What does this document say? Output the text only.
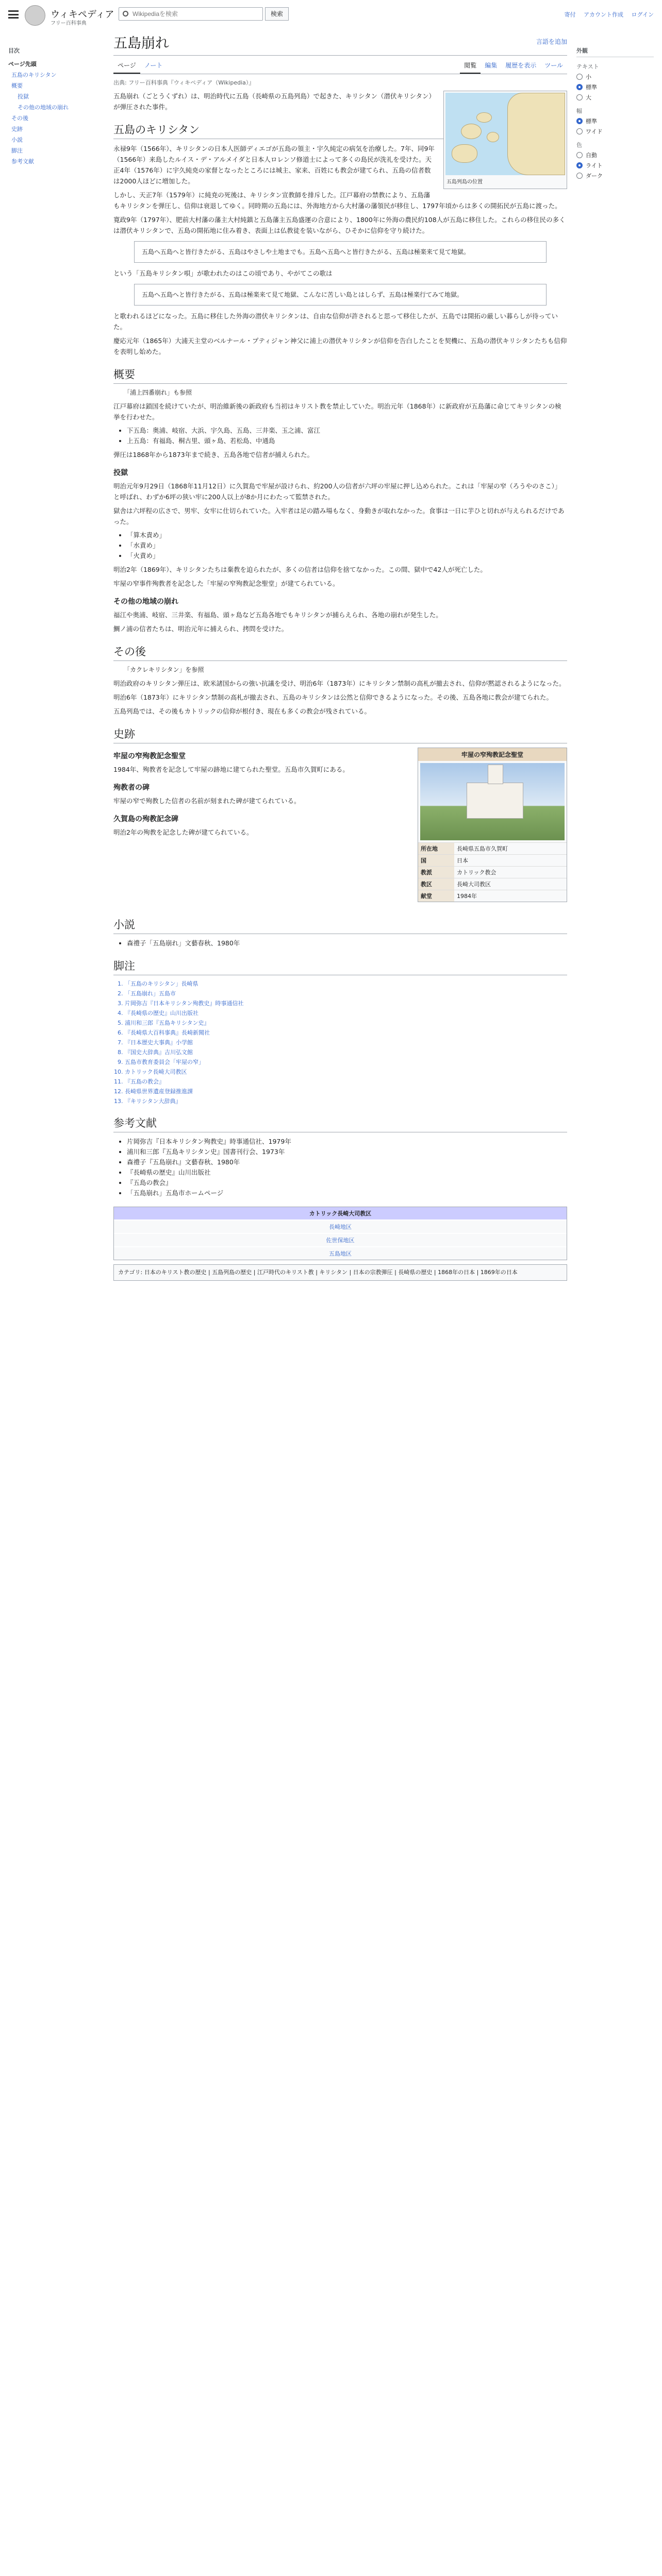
ウィキペディア
フリー百科事典
Wikipediaを検索
検索	寄付 アカウント作成 ログイン
目次
ページ先頭
五島のキリシタン
概要
投獄
その他の地域の崩れ
その後
史跡
小説
脚注
参考文献
五島崩れ	言語を追加
ページ	ノート	閲覧	編集	履歴を表示	ツール
出典: フリー百科事典『ウィキペディア（Wikipedia）』
五島列島の位置

五島崩れ（ごとうくずれ）は、明治時代に五島（長崎県の五島列島）で起きた、キリシタン（潜伏キリシタン）が弾圧された事件。

五島のキリシタン

永禄9年（1566年）、キリシタンの日本人医師ディエゴが五島の領主・宇久純定の病気を治療した。7年、同9年（1566年）来島したルイス・デ・アルメイダと日本人ロレンソ修道士によって多くの島民が洗礼を受けた。天正4年（1576年）に宇久純尭の家督となったところには城主、家来、百姓にも教会が建てられ、五島の信者数は2000人ほどに増加した。

しかし、天正7年（1579年）に純尭の死後は、キリシタン宣教師を排斥した。江戸幕府の禁教により、五島藩もキリシタンを弾圧し、信仰は衰退してゆく。同時期の五島には、外海地方から大村藩の藩領民が移住し、1797年頃からは多くの開拓民が五島に渡った。

寛政9年（1797年）、肥前大村藩の藩主大村純鎮と五島藩主五島盛運の合意により、1800年に外海の農民約108人が五島に移住した。これらの移住民の多くは潜伏キリシタンで、五島の開拓地に住み着き、表面上は仏教徒を装いながら、ひそかに信仰を守り続けた。

五島へ五島へと皆行きたがる、五島はやさしや土地までも。五島へ五島へと皆行きたがる、五島は極楽来て見て地獄。

という「五島キリシタン唄」が歌われたのはこの頃であり、やがてこの歌は

五島へ五島へと皆行きたがる、五島は極楽来て見て地獄、こんなに苦しい島とはしらず、五島は極楽行てみて地獄。

と歌われるほどになった。五島に移住した外海の潜伏キリシタンは、自由な信仰が許されると思って移住したが、五島では開拓の厳しい暮らしが待っていた。

慶応元年（1865年）大浦天主堂のベルナール・プティジャン神父に浦上の潜伏キリシタンが信仰を告白したことを契機に、五島の潜伏キリシタンたちも信仰を表明し始めた。

概要
「浦上四番崩れ」も参照

江戸幕府は鎖国を続けていたが、明治維新後の新政府も当初はキリスト教を禁止していた。明治元年（1868年）に新政府が五島藩に命じてキリシタンの検挙を行わせた。

• 下五島：奥浦、岐宿、大浜、宇久島、五島、三井楽、玉之浦、富江
• 上五島：有福島、桐古里、頭ヶ島、若松島、中通島

弾圧は1868年から1873年まで続き、五島各地で信者が捕えられた。

投獄

明治元年9月29日（1868年11月12日）に久賀島で牢屋が設けられ、約200人の信者が六坪の牢屋に押し込められた。これは「牢屋の窄（ろうやのさこ）」と呼ばれ、わずか6坪の狭い牢に200人以上が8か月にわたって監禁された。

獄舎は六坪程の広さで、男牢、女牢に仕切られていた。入牢者は足の踏み場もなく、身動きが取れなかった。食事は一日に芋ひと切れが与えられるだけであった。

• 「算木責め」
• 「水責め」
• 「火責め」

明治2年（1869年）、キリシタンたちは棄教を迫られたが、多くの信者は信仰を捨てなかった。この間、獄中で42人が死亡した。

牢屋の窄事件殉教者を記念した「牢屋の窄殉教記念聖堂」が建てられている。

その他の地域の崩れ

福江や奥浦、岐宿、三井楽、有福島、頭ヶ島など五島各地でもキリシタンが捕らえられ、各地の崩れが発生した。

鯛ノ浦の信者たちは、明治元年に捕えられ、拷問を受けた。

その後
「カクレキリシタン」を参照

明治政府のキリシタン弾圧は、欧米諸国からの強い抗議を受け、明治6年（1873年）にキリシタン禁制の高札が撤去され、信仰が黙認されるようになった。

明治6年（1873年）にキリシタン禁制の高札が撤去され、五島のキリシタンは公然と信仰できるようになった。その後、五島各地に教会が建てられた。

五島列島では、その後もカトリックの信仰が根付き、現在も多くの教会が残されている。

史跡
牢屋の窄殉教記念聖堂
所在地	長崎県五島市久賀町
国	日本
教派	カトリック教会
教区	長崎大司教区
献堂	1984年
牢屋の窄殉教記念聖堂

1984年、殉教者を記念して牢屋の跡地に建てられた聖堂。五島市久賀町にある。

殉教者の碑

牢屋の窄で殉教した信者の名前が刻まれた碑が建てられている。

久賀島の殉教記念碑

明治2年の殉教を記念した碑が建てられている。

小説
• 森禮子「五島崩れ」文藝春秋、1980年
脚注
1. 「五島のキリシタン」長崎県
2. 「五島崩れ」五島市
3. 片岡弥吉『日本キリシタン殉教史』時事通信社
4. 『長崎県の歴史』山川出版社
5. 浦川和三郎『五島キリシタン史』
6. 『長崎県大百科事典』長崎新聞社
7. 『日本歴史大事典』小学館
8. 『国史大辞典』吉川弘文館
9. 五島市教育委員会「牢屋の窄」
10. カトリック長崎大司教区
11. 『五島の教会』
12. 長崎県世界遺産登録推進課
13. 『キリシタン大辞典』
参考文献
• 片岡弥吉『日本キリシタン殉教史』時事通信社、1979年
• 浦川和三郎『五島キリシタン史』国書刊行会、1973年
• 森禮子『五島崩れ』文藝春秋、1980年
• 『長崎県の歴史』山川出版社
• 『五島の教会』
• 「五島崩れ」五島市ホームページ
カトリック長崎大司教区
長崎地区
佐世保地区
五島地区
カテゴリ: 日本のキリスト教の歴史 | 五島列島の歴史 | 江戸時代のキリスト教 | キリシタン | 日本の宗教弾圧 | 長崎県の歴史 | 1868年の日本 | 1869年の日本
外観
テキスト
小
標準
大
幅
標準
ワイド
色
自動
ライト
ダーク
